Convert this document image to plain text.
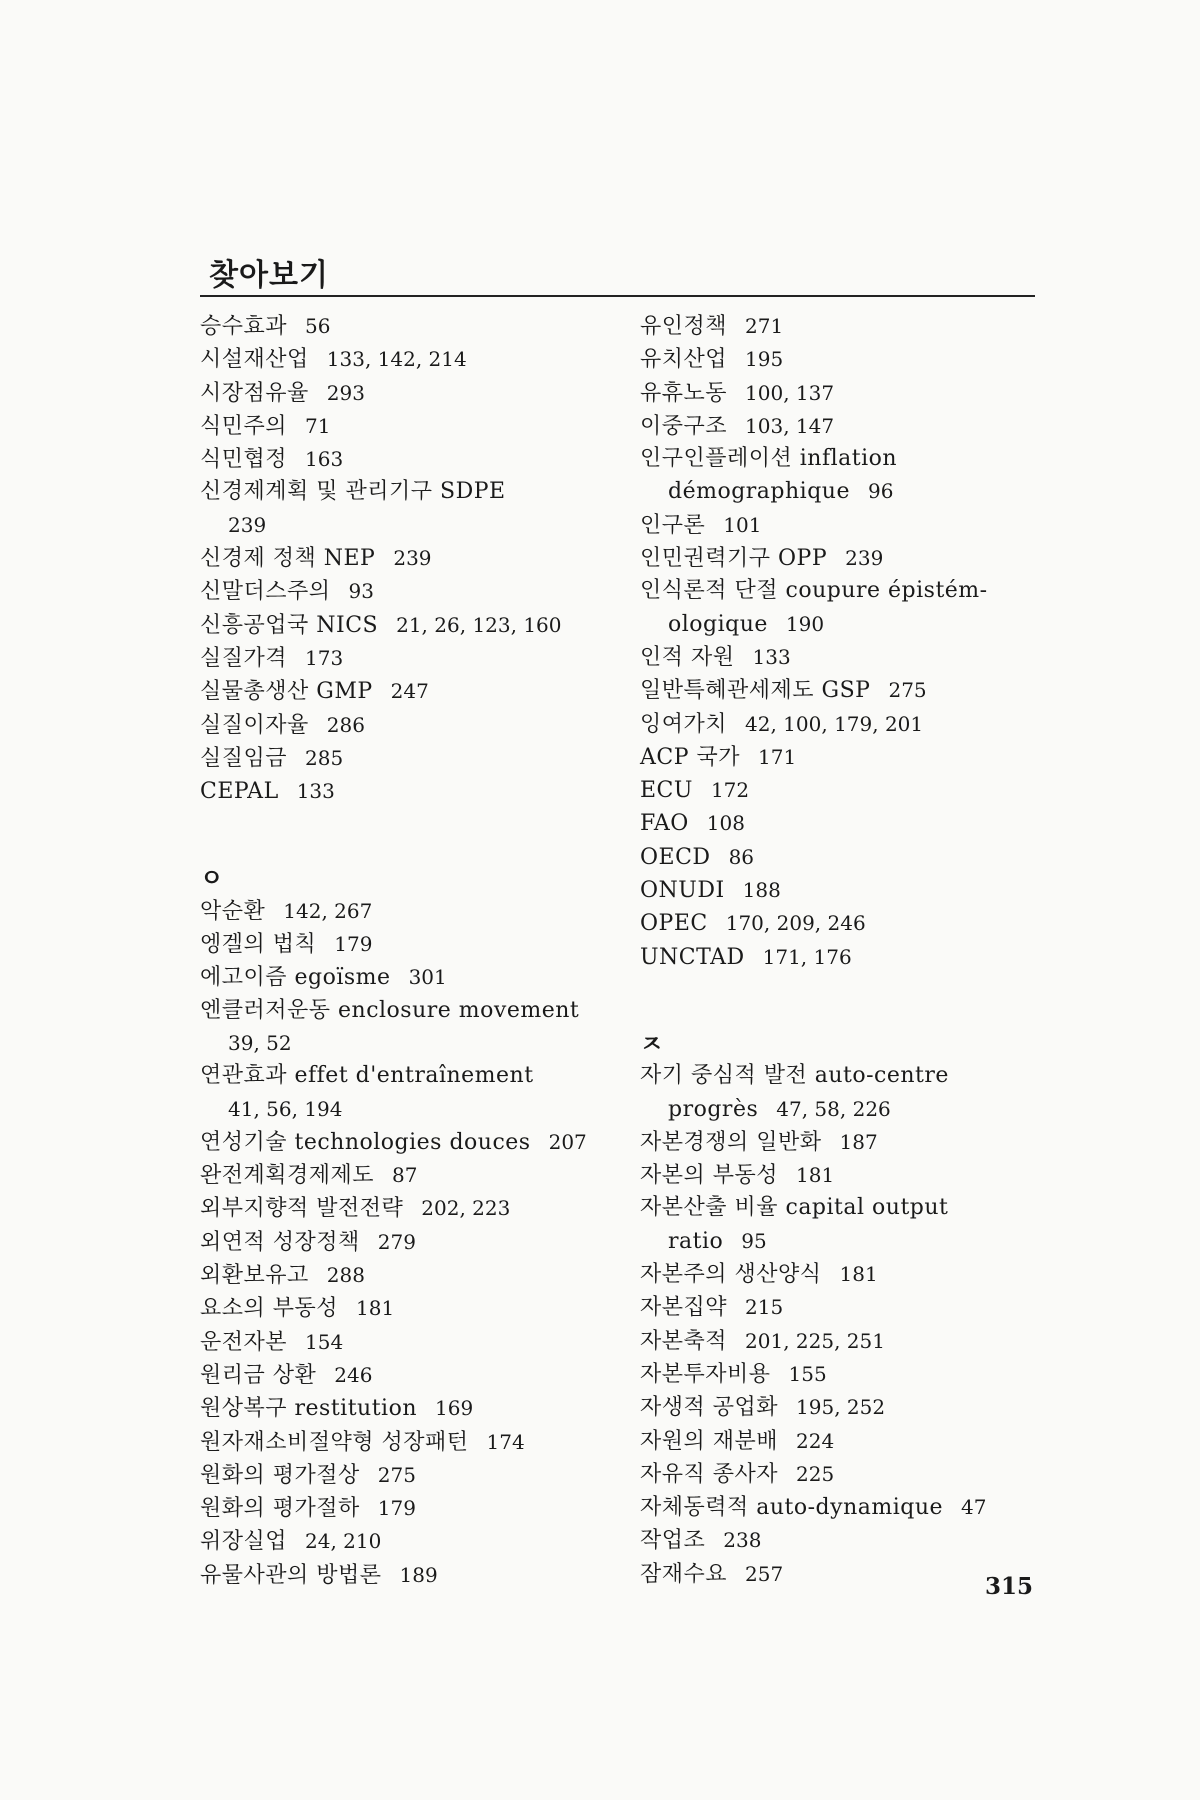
찾아보기
승수효과 56
시설재산업 133, 142, 214
시장점유율 293
식민주의 71
식민협정 163
신경제계획 및 관리기구 SDPE
239
신경제 정책 NEP 239
신말더스주의 93
신흥공업국 NICS 21, 26, 123, 160
실질가격 173
실물총생산 GMP 247
실질이자율 286
실질임금 285
CEPAL 133
ㅇ
악순환 142, 267
엥겔의 법칙 179
에고이즘 egoïsme 301
엔클러저운동 enclosure movement
39, 52
연관효과 effet d'entraînement
41, 56, 194
연성기술 technologies douces 207
완전계획경제제도 87
외부지향적 발전전략 202, 223
외연적 성장정책 279
외환보유고 288
요소의 부동성 181
운전자본 154
원리금 상환 246
원상복구 restitution 169
원자재소비절약형 성장패턴 174
원화의 평가절상 275
원화의 평가절하 179
위장실업 24, 210
유물사관의 방법론 189
유인정책 271
유치산업 195
유휴노동 100, 137
이중구조 103, 147
인구인플레이션 inflation
démographique 96
인구론 101
인민권력기구 OPP 239
인식론적 단절 coupure épistém-
ologique 190
인적 자원 133
일반특혜관세제도 GSP 275
잉여가치 42, 100, 179, 201
ACP 국가 171
ECU 172
FAO 108
OECD 86
ONUDI 188
OPEC 170, 209, 246
UNCTAD 171, 176
ㅈ
자기 중심적 발전 auto-centre
progrès 47, 58, 226
자본경쟁의 일반화 187
자본의 부동성 181
자본산출 비율 capital output
ratio 95
자본주의 생산양식 181
자본집약 215
자본축적 201, 225, 251
자본투자비용 155
자생적 공업화 195, 252
자원의 재분배 224
자유직 종사자 225
자체동력적 auto-dynamique 47
작업조 238
잠재수요 257	315
